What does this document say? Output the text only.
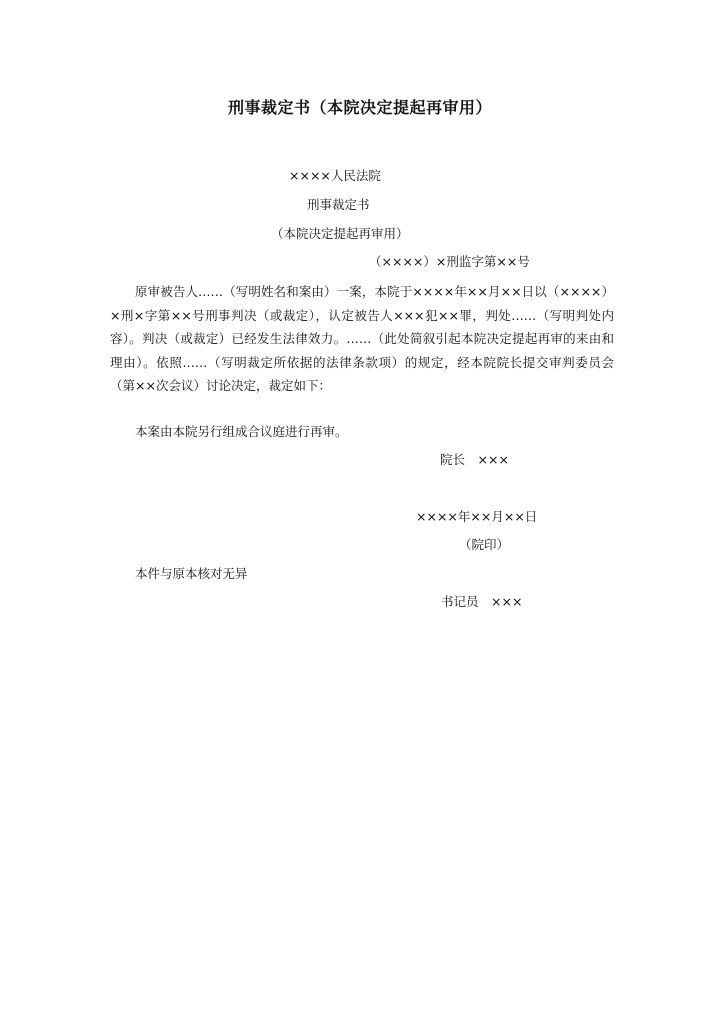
刑事裁定书（本院决定提起再审用）
××××人民法院
刑事裁定书
（本院决定提起再审用）
（××××）×刑监字第××号
原审被告人……（写明姓名和案由）一案，本院于××××年××月××日以（××××）×刑×字第××号刑事判决（或裁定），认定被告人×××犯××罪，判处……（写明判处内容）。判决（或裁定）已经发生法律效力。……（此处简叙引起本院决定提起再审的来由和理由）。依照……（写明裁定所依据的法律条款项）的规定，经本院院长提交审判委员会（第××次会议）讨论决定，裁定如下：
本案由本院另行组成合议庭进行再审。
院长　×××
××××年××月××日
（院印）
本件与原本核对无异
书记员　×××
